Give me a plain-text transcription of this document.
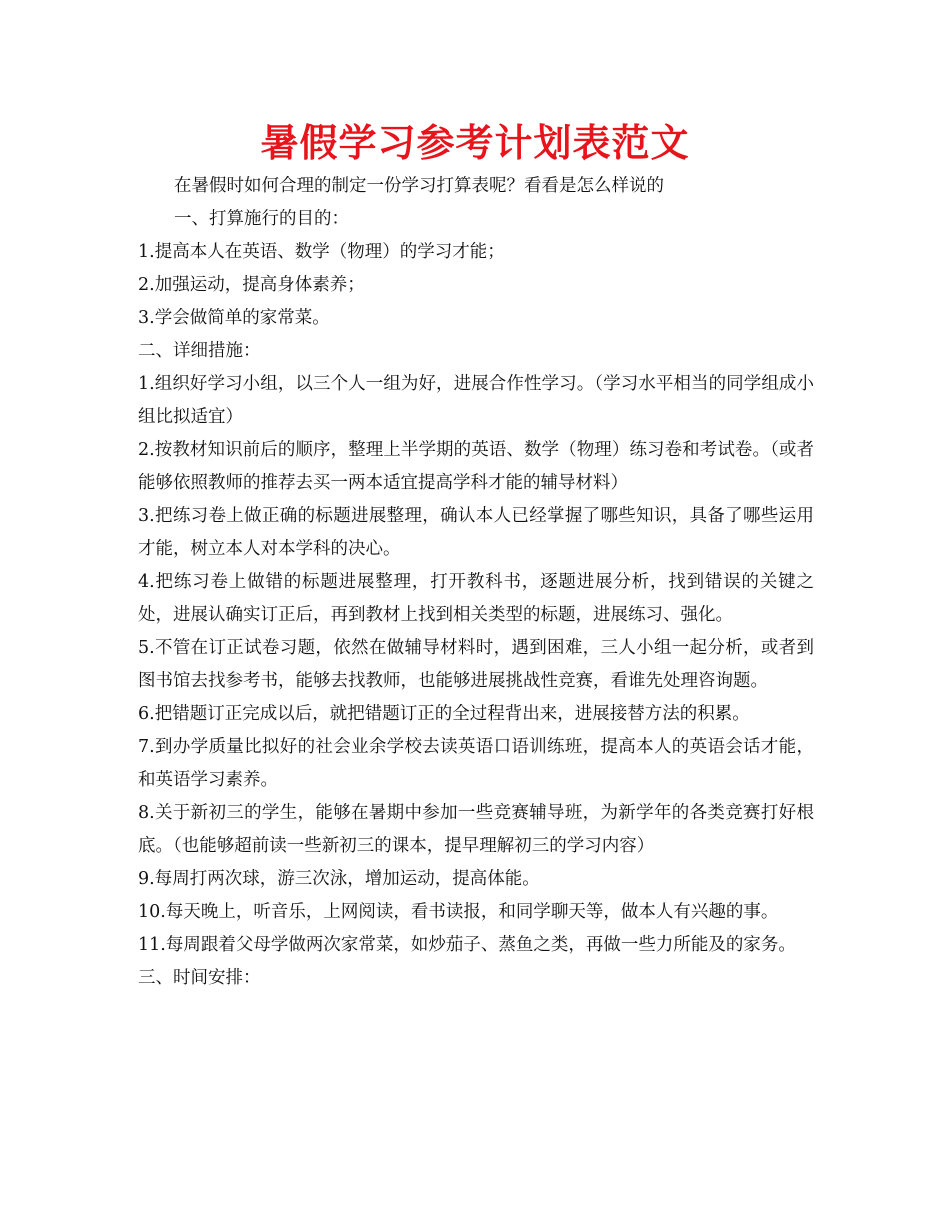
暑假学习参考计划表范文

在暑假时如何合理的制定一份学习打算表呢？看看是怎么样说的

一、打算施行的目的：

1.提高本人在英语、数学（物理）的学习才能；

2.加强运动，提高身体素养；

3.学会做简单的家常菜。

二、详细措施：

1.组织好学习小组，以三个人一组为好，进展合作性学习。（学习水平相当的同学组成小组比拟适宜）

2.按教材知识前后的顺序，整理上半学期的英语、数学（物理）练习卷和考试卷。（或者能够依照教师的推荐去买一两本适宜提高学科才能的辅导材料）

3.把练习卷上做正确的标题进展整理，确认本人已经掌握了哪些知识，具备了哪些运用才能，树立本人对本学科的决心。

4.把练习卷上做错的标题进展整理，打开教科书，逐题进展分析，找到错误的关键之处，进展认确实订正后，再到教材上找到相关类型的标题，进展练习、强化。

5.不管在订正试卷习题，依然在做辅导材料时，遇到困难，三人小组一起分析，或者到图书馆去找参考书，能够去找教师，也能够进展挑战性竞赛，看谁先处理咨询题。

6.把错题订正完成以后，就把错题订正的全过程背出来，进展接替方法的积累。

7.到办学质量比拟好的社会业余学校去读英语口语训练班，提高本人的英语会话才能，和英语学习素养。

8.关于新初三的学生，能够在暑期中参加一些竞赛辅导班，为新学年的各类竞赛打好根底。（也能够超前读一些新初三的课本，提早理解初三的学习内容）

9.每周打两次球，游三次泳，增加运动，提高体能。

10.每天晚上，听音乐，上网阅读，看书读报，和同学聊天等，做本人有兴趣的事。

11.每周跟着父母学做两次家常菜，如炒茄子、蒸鱼之类，再做一些力所能及的家务。

三、时间安排：
